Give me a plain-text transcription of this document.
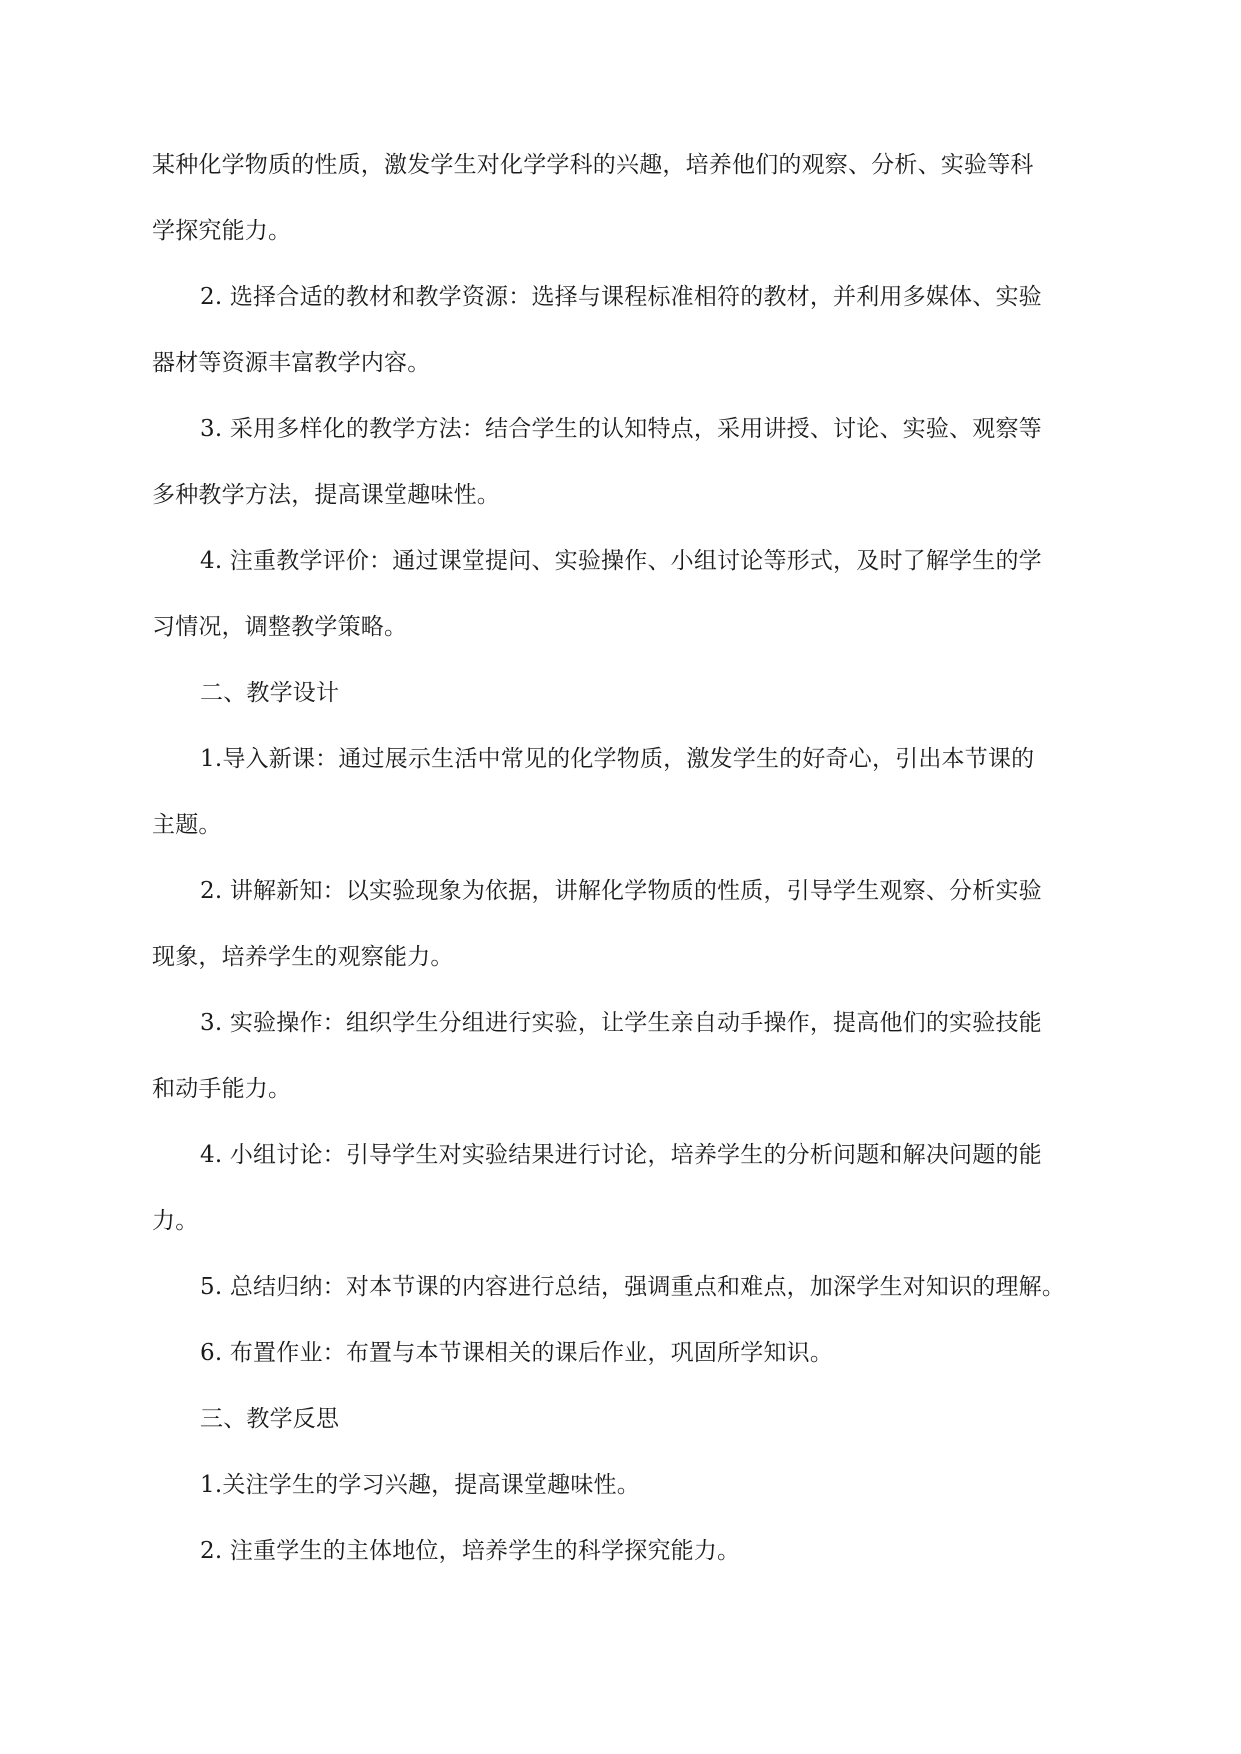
某种化学物质的性质，激发学生对化学学科的兴趣，培养他们的观察、分析、实验等科
学探究能力。
2. 选择合适的教材和教学资源：选择与课程标准相符的教材，并利用多媒体、实验
器材等资源丰富教学内容。
3. 采用多样化的教学方法：结合学生的认知特点，采用讲授、讨论、实验、观察等
多种教学方法，提高课堂趣味性。
4. 注重教学评价：通过课堂提问、实验操作、小组讨论等形式，及时了解学生的学
习情况，调整教学策略。
二、教学设计
1.导入新课：通过展示生活中常见的化学物质，激发学生的好奇心，引出本节课的
主题。
2. 讲解新知：以实验现象为依据，讲解化学物质的性质，引导学生观察、分析实验
现象，培养学生的观察能力。
3. 实验操作：组织学生分组进行实验，让学生亲自动手操作，提高他们的实验技能
和动手能力。
4. 小组讨论：引导学生对实验结果进行讨论，培养学生的分析问题和解决问题的能
力。
5. 总结归纳：对本节课的内容进行总结，强调重点和难点，加深学生对知识的理解。
6. 布置作业：布置与本节课相关的课后作业，巩固所学知识。
三、教学反思
1.关注学生的学习兴趣，提高课堂趣味性。
2. 注重学生的主体地位，培养学生的科学探究能力。
